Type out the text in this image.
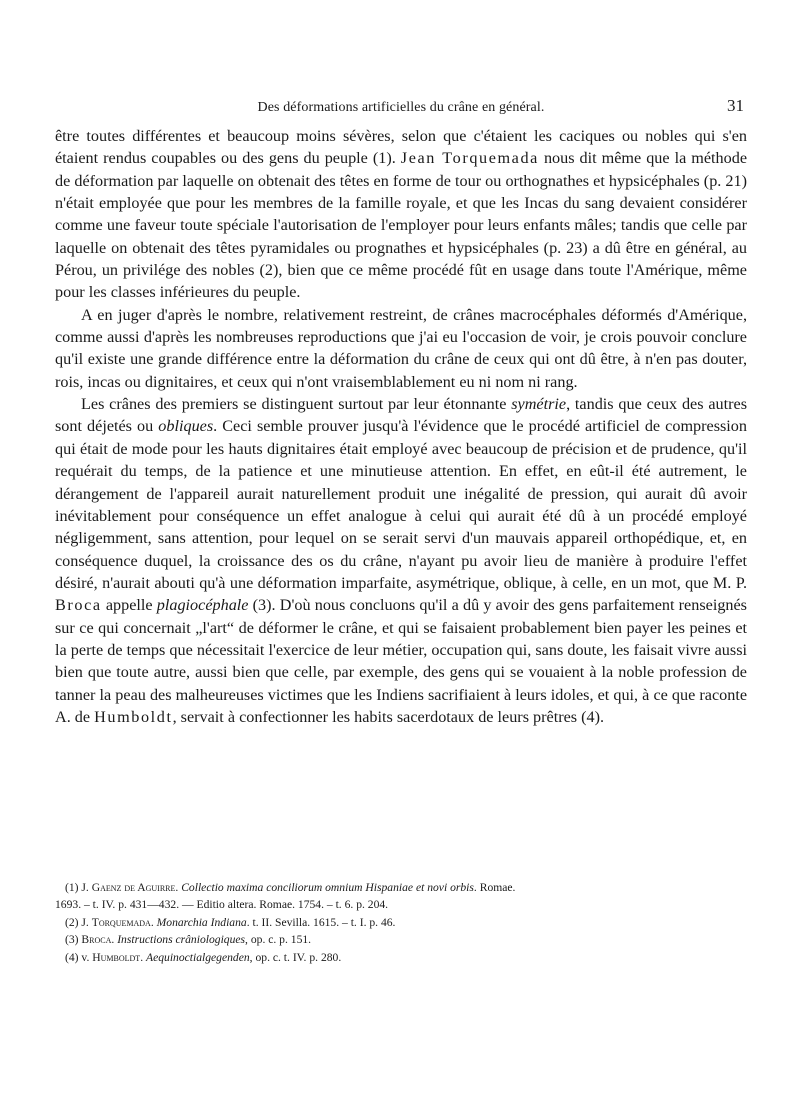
Des déformations artificielles du crâne en général.	31

être toutes différentes et beaucoup moins sévères, selon que c'étaient les caciques ou nobles qui s'en étaient rendus coupables ou des gens du peuple (1). Jean Torquemada nous dit même que la méthode de déformation par laquelle on obtenait des têtes en forme de tour ou orthognathes et hypsicéphales (p. 21) n'était employée que pour les membres de la famille royale, et que les Incas du sang devaient considérer comme une faveur toute spéciale l'autorisation de l'employer pour leurs enfants mâles; tandis que celle par laquelle on obtenait des têtes pyramidales ou prognathes et hypsicéphales (p. 23) a dû être en général, au Pérou, un privilége des nobles (2), bien que ce même procédé fût en usage dans toute l'Amérique, même pour les classes inférieures du peuple.

A en juger d'après le nombre, relativement restreint, de crânes macrocéphales déformés d'Amérique, comme aussi d'après les nombreuses reproductions que j'ai eu l'occasion de voir, je crois pouvoir conclure qu'il existe une grande différence entre la déformation du crâne de ceux qui ont dû être, à n'en pas douter, rois, incas ou dignitaires, et ceux qui n'ont vraisemblablement eu ni nom ni rang.

Les crânes des premiers se distinguent surtout par leur étonnante symétrie, tandis que ceux des autres sont déjetés ou obliques. Ceci semble prouver jusqu'à l'évidence que le procédé artificiel de compression qui était de mode pour les hauts dignitaires était employé avec beaucoup de précision et de prudence, qu'il requérait du temps, de la patience et une minutieuse attention. En effet, en eût-il été autrement, le dérangement de l'appareil aurait naturellement produit une inégalité de pression, qui aurait dû avoir inévitablement pour conséquence un effet analogue à celui qui aurait été dû à un procédé employé négligemment, sans attention, pour lequel on se serait servi d'un mauvais appareil orthopédique, et, en conséquence duquel, la croissance des os du crâne, n'ayant pu avoir lieu de manière à produire l'effet désiré, n'aurait abouti qu'à une déformation imparfaite, asymétrique, oblique, à celle, en un mot, que M. P. Broca appelle plagiocéphale (3). D'où nous concluons qu'il a dû y avoir des gens parfaitement renseignés sur ce qui concernait „l'art“ de déformer le crâne, et qui se faisaient probablement bien payer les peines et la perte de temps que nécessitait l'exercice de leur métier, occupation qui, sans doute, les faisait vivre aussi bien que toute autre, aussi bien que celle, par exemple, des gens qui se vouaient à la noble profession de tanner la peau des malheureuses victimes que les Indiens sacrifiaient à leurs idoles, et qui, à ce que raconte A. de Humboldt, servait à confectionner les habits sacerdotaux de leurs prêtres (4).

(1) J. Gaenz de Aguirre. Collectio maxima conciliorum omnium Hispaniae et novi orbis. Romae.

1693. – t. IV. p. 431—432. — Editio altera. Romae. 1754. – t. 6. p. 204.

(2) J. Torquemada. Monarchia Indiana. t. II. Sevilla. 1615. – t. I. p. 46.

(3) Broca. Instructions crâniologiques, op. c. p. 151.

(4) v. Humboldt. Aequinoctialgegenden, op. c. t. IV. p. 280.
